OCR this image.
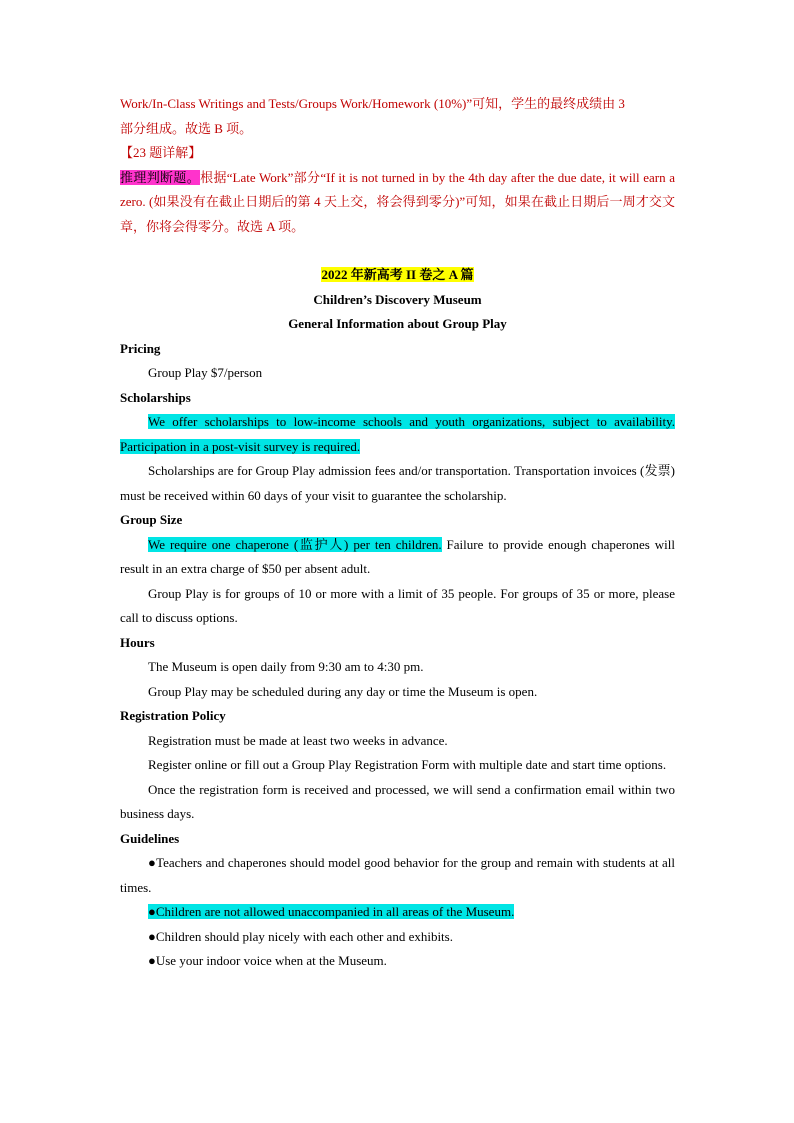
Work/In-Class Writings and Tests/Groups Work/Homework (10%)”可知，学生的最终成绩由 3
部分组成。故选 B 项。

【23 题详解】

推理判断题。根据“Late Work”部分“If it is not turned in by the 4th day after the due date, it will earn a zero. (如果没有在截止日期后的第 4 天上交，将会得到零分)”可知，如果在截止日期后一周才交文章，你将会得零分。故选 A 项。

2022 年新高考 II 卷之 A 篇

Children’s Discovery Museum

General Information about Group Play

Pricing

Group Play $7/person

Scholarships

We offer scholarships to low-income schools and youth organizations, subject to availability. Participation in a post-visit survey is required.

Scholarships are for Group Play admission fees and/or transportation. Transportation invoices (发票) must be received within 60 days of your visit to guarantee the scholarship.

Group Size

We require one chaperone (监护人) per ten children. Failure to provide enough chaperones will result in an extra charge of $50 per absent adult.

Group Play is for groups of 10 or more with a limit of 35 people. For groups of 35 or more, please call to discuss options.

Hours

The Museum is open daily from 9:30 am to 4:30 pm.

Group Play may be scheduled during any day or time the Museum is open.

Registration Policy

Registration must be made at least two weeks in advance.

Register online or fill out a Group Play Registration Form with multiple date and start time options.

Once the registration form is received and processed, we will send a confirmation email within two business days.

Guidelines

●Teachers and chaperones should model good behavior for the group and remain with students at all times.

●Children are not allowed unaccompanied in all areas of the Museum.

●Children should play nicely with each other and exhibits.

●Use your indoor voice when at the Museum.
